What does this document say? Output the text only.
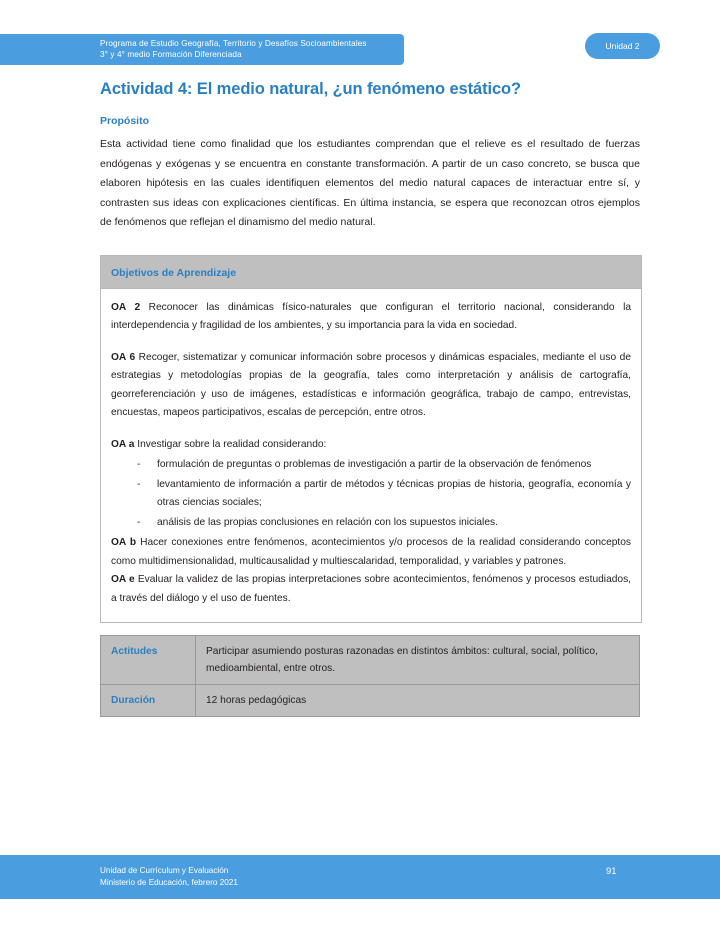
Programa de Estudio Geografía, Territorio y Desafíos Socioambientales
3° y 4° medio Formación Diferenciada
Unidad 2
Actividad 4: El medio natural, ¿un fenómeno estático?
Propósito
Esta actividad tiene como finalidad que los estudiantes comprendan que el relieve es el resultado de fuerzas endógenas y exógenas y se encuentra en constante transformación. A partir de un caso concreto, se busca que elaboren hipótesis en las cuales identifiquen elementos del medio natural capaces de interactuar entre sí, y contrasten sus ideas con explicaciones científicas. En última instancia, se espera que reconozcan otros ejemplos de fenómenos que reflejan el dinamismo del medio natural.
Objetivos de Aprendizaje

OA 2 Reconocer las dinámicas físico-naturales que configuran el territorio nacional, considerando la interdependencia y fragilidad de los ambientes, y su importancia para la vida en sociedad.

OA 6 Recoger, sistematizar y comunicar información sobre procesos y dinámicas espaciales, mediante el uso de estrategias y metodologías propias de la geografía, tales como interpretación y análisis de cartografía, georreferenciación y uso de imágenes, estadísticas e información geográfica, trabajo de campo, entrevistas, encuestas, mapeos participativos, escalas de percepción, entre otros.

OA a Investigar sobre la realidad considerando:

- formulación de preguntas o problemas de investigación a partir de la observación de fenómenos
- levantamiento de información a partir de métodos y técnicas propias de historia, geografía, economía y otras ciencias sociales;
- análisis de las propias conclusiones en relación con los supuestos iniciales.

OA b Hacer conexiones entre fenómenos, acontecimientos y/o procesos de la realidad considerando conceptos como multidimensionalidad, multicausalidad y multiescalaridad, temporalidad, y variables y patrones.

OA e Evaluar la validez de las propias interpretaciones sobre acontecimientos, fenómenos y procesos estudiados, a través del diálogo y el uso de fuentes.

Actitudes	Participar asumiendo posturas razonadas en distintos ámbitos: cultural, social, político, medioambiental, entre otros.
Duración	12 horas pedagógicas
Unidad de Currículum y Evaluación
Ministerio de Educación, febrero 2021
91
